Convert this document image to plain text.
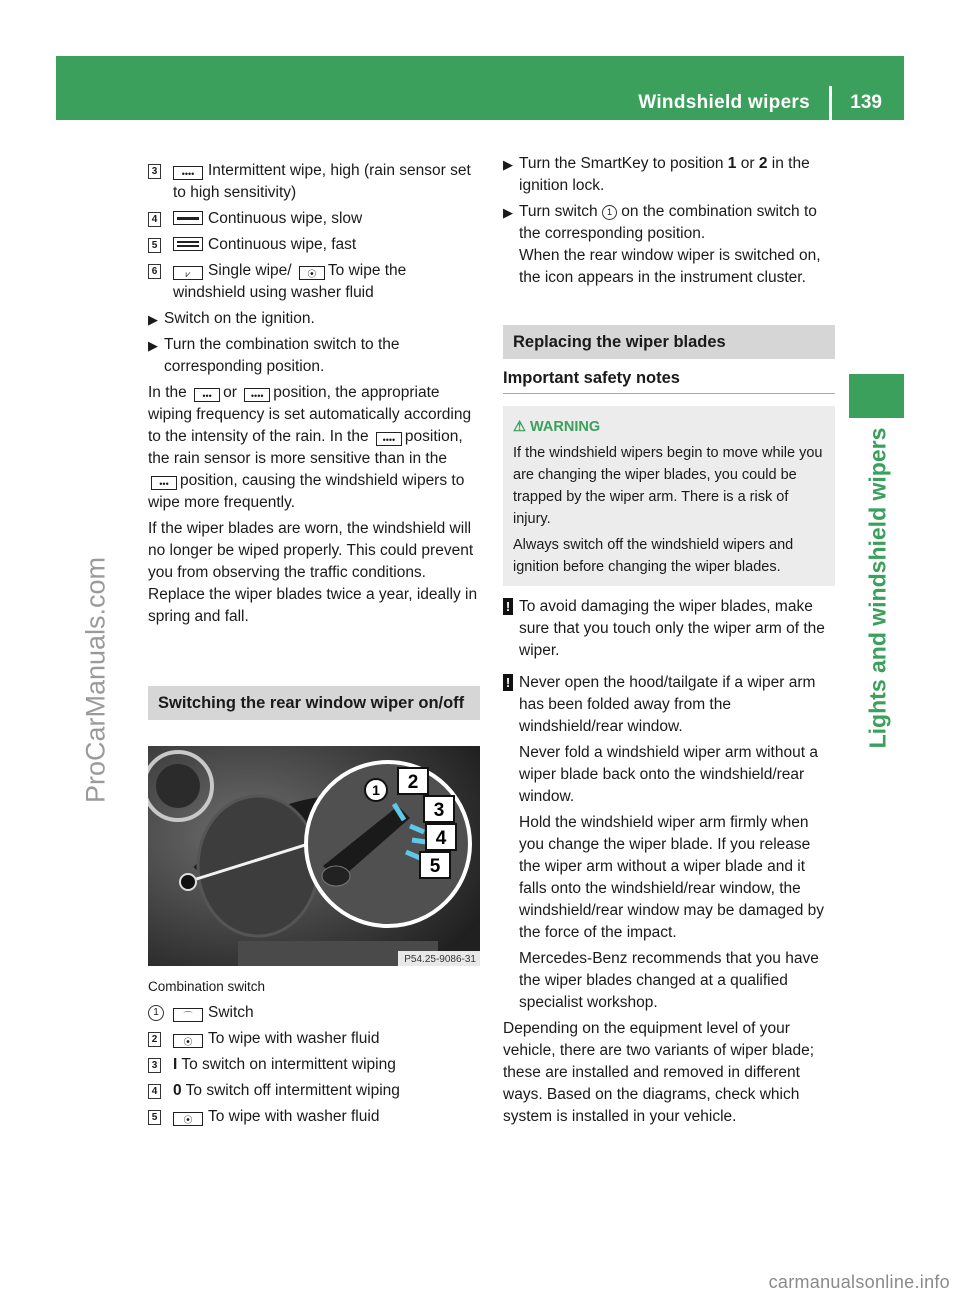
Windshield wipers 139
Lights and windshield wipers
ProCarManuals.com
carmanualsonline.info
3	•••• Intermittent wipe, high (rain sensor set to high sensitivity)
4	Continuous wipe, slow
5	Continuous wipe, fast
6	⩗ Single wipe/ ⦿ To wipe the windshield using washer fluid
▶ Switch on the ignition.
▶ Turn the combination switch to the corresponding position.

In the ••• or •••• position, the appropriate wiping frequency is set automatically according to the intensity of the rain. In the •••• position, the rain sensor is more sensitive than in the ••• position, causing the windshield wipers to wipe more frequently.

If the wiper blades are worn, the windshield will no longer be wiped properly. This could prevent you from observing the traffic conditions. Replace the wiper blades twice a year, ideally in spring and fall.

Switching the rear window wiper on/off
1 2
3
4
5
P54.25-9086-31
Combination switch
1	⌒ Switch
2	⦿ To wipe with washer fluid
3 I To switch on intermittent wiping
4 0 To switch off intermittent wiping
5	⦿ To wipe with washer fluid
▶ Turn the SmartKey to position 1 or 2 in the ignition lock.
▶ Turn switch 1 on the combination switch to the corresponding position.
When the rear window wiper is switched on, the icon appears in the instrument cluster.
Replacing the wiper blades
Important safety notes
⚠ WARNING
If the windshield wipers begin to move while you are changing the wiper blades, you could be trapped by the wiper arm. There is a risk of injury.
Always switch off the windshield wipers and ignition before changing the wiper blades.
! To avoid damaging the wiper blades, make sure that you touch only the wiper arm of the wiper.

! Never open the hood/tailgate if a wiper arm has been folded away from the windshield/rear window.

Never fold a windshield wiper arm without a wiper blade back onto the windshield/rear window.

Hold the windshield wiper arm firmly when you change the wiper blade. If you release the wiper arm without a wiper blade and it falls onto the windshield/rear window, the windshield/rear window may be damaged by the force of the impact.

Mercedes-Benz recommends that you have the wiper blades changed at a qualified specialist workshop.

Depending on the equipment level of your vehicle, there are two variants of wiper blade; these are installed and removed in different ways. Based on the diagrams, check which system is installed in your vehicle.
